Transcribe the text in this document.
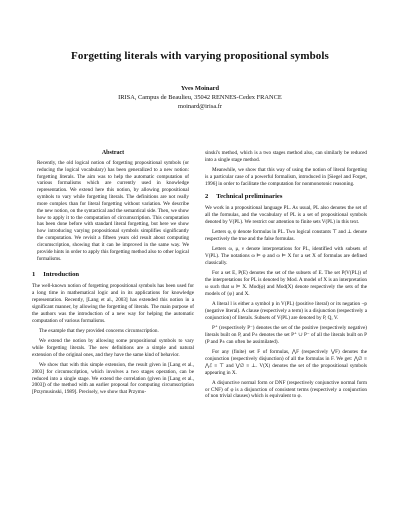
Forgetting literals with varying propositional symbols
Yves Moinard
IRISA, Campus de Beaulieu, 35042 RENNES-Cedex FRANCE
moinard@irisa.fr
Abstract

Recently, the old logical notion of forgetting propositional symbols (or reducing the logical vocabulary) has been generalized to a new notion: forgetting literals. The aim was to help the automatic computation of various formalisms which are currently used in knowledge representation. We extend here this notion, by allowing propositional symbols to vary while forgetting literals. The definitions are not really more complex than for literal forgetting without variation. We describe the new notion, on the syntactical and the semantical side. Then, we show how to apply it to the computation of circumscription. This computation has been done before with standard literal forgetting, but here we show how introducing varying propositional symbols simplifies significantly the computation. We revisit a fifteen years old result about computing circumscription, showing that it can be improved in the same way. We provide hints in order to apply this forgetting method also to other logical formalisms.

1 Introduction

The well-known notion of forgetting propositional symbols has been used for a long time in mathematical logic and in its applications for knowledge representation. Recently, [Lang et al., 2003] has extended this notion in a significant manner, by allowing the forgetting of literals. The main purpose of the authors was the introduction of a new way for helping the automatic computation of various formalisms.

The example that they provided concerns circumscription.

We extend the notion by allowing some propositional symbols to vary while forgetting literals. The new definitions are a simple and natural extension of the original ones, and they have the same kind of behavior.

We show that with this simple extension, the result given in [Lang et al., 2003] for circumscription, which involves a two stages operation, can be reduced into a single stage. We extend the correlation (given in [Lang et al., 2003]) of the method with an earlier proposal for computing circumscription [Przymusinski, 1989]. Precisely, we show that Przymu-

sinski's method, which is a two stages method also, can similarly be reduced into a single stage method.

Meanwhile, we show that this way of using the notion of literal forgetting is a particular case of a powerful formalism, introduced in [Siegel and Forget, 1996] in order to facilitate the computation for nonmonotonic reasoning.

2 Technical preliminaries

We work in a propositional language PL. As usual, PL also denotes the set of all the formulas, and the vocabulary of PL is a set of propositional symbols denoted by V(PL). We restrict our attention to finite sets V(PL) in this text.

Letters φ, ψ denote formulas in PL. Two logical constants ⊤ and ⊥ denote respectively the true and the false formulas.

Letters ω, μ, ν denote interpretations for PL, identified with subsets of V(PL). The notations ω ⊨ φ and ω ⊨ X for a set X of formulas are defined classically.

For a set E, P(E) denotes the set of the subsets of E. The set P(V(PL)) of the interpretations for PL is denoted by Mod. A model of X is an interpretation ω such that ω ⊨ X. Mod(φ) and Mod(X) denote respectively the sets of the models of {φ} and X.

A literal l is either a symbol p in V(PL) (positive literal) or its negation ¬p (negative literal). A clause (respectively a term) is a disjunction (respectively a conjunction) of literals. Subsets of V(PL) are denoted by P, Q, V.

P⁺ (respectively P⁻) denotes the set of the positive (respectively negative) literals built on P, and P± denotes the set P⁺ ∪ P⁻ of all the literals built on P (P and P± can often be assimilated).

For any (finite) set F of formulas, ⋀F (respectively ⋁F) denotes the conjunction (respectively disjunction) of all the formulas in F. We get: ⋀∅ ≡ ⋀ℰ ≡ ⊤ and ⋁∅ ≡ ⊥. V(X) denotes the set of the propositional symbols appearing in X.

A disjunctive normal form or DNF (respectively conjunctive normal form or CNF) of φ is a disjunction of consistent terms (respectively a conjunction of non trivial clauses) which is equivalent to φ.
